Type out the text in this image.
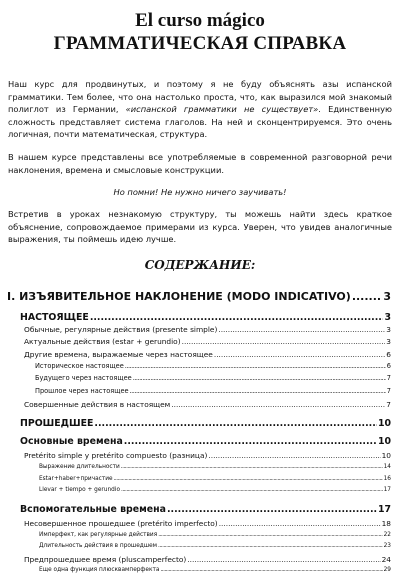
El curso mágico
ГРАММАТИЧЕСКАЯ СПРАВКА

Наш курс для продвинутых, и поэтому я не буду объяснять азы испанской грамматики. Тем более, что она настолько проста, что, как выразился мой знакомый полиглот из Германии, «испанской грамматики не существует». Единственную сложность представляет система глаголов. На ней и сконцентрируемся. Это очень логичная, почти математическая, структура.

В нашем курсе представлены все употребляемые в современной разговорной речи наклонения, времена и смысловые конструкции.

Но помни! Не нужно ничего заучивать!

Встретив в уроках незнакомую структуру, ты можешь найти здесь краткое объяснение, сопровождаемое примерами из курса. Уверен, что увидев аналогичные выражения, ты поймешь идею лучше.

СОДЕРЖАНИЕ:
I. ИЗЪЯВИТЕЛЬНОЕ НАКЛОНЕНИЕ (MODO INDICATIVO) .....	3
НАСТОЯЩЕЕ .....	3
Обычные, регулярные действия (presente simple) .....	3
Актуальные действия (estar + gerundio) .....	3
Другие времена, выражаемые через настоящее .....	6
Историческое настоящее .....	6
Будущего через настоящее .....	7
Прошлое через настоящее .....	7
Совершенные действия в настоящем .....	7
ПРОШЕДШЕЕ .....	10
Основные времена .....	10
Pretérito simple у pretérito compuesto (разница) .....	10
Выражение длительности .....	14
Estar+haber+причастие .....	16
Llevar + tiempo + gerundio .....	17
Вспомогательные времена .....	17
Несовершенное прошедшее (pretérito imperfecto) .....	18
Имперфект, как регулярные действия .....	22
Длительность действия в прошедшем .....	23
Предпрошедшее время (pluscamperfecto) .....	24
Еще одна функция плюсквамперфекта .....	29
